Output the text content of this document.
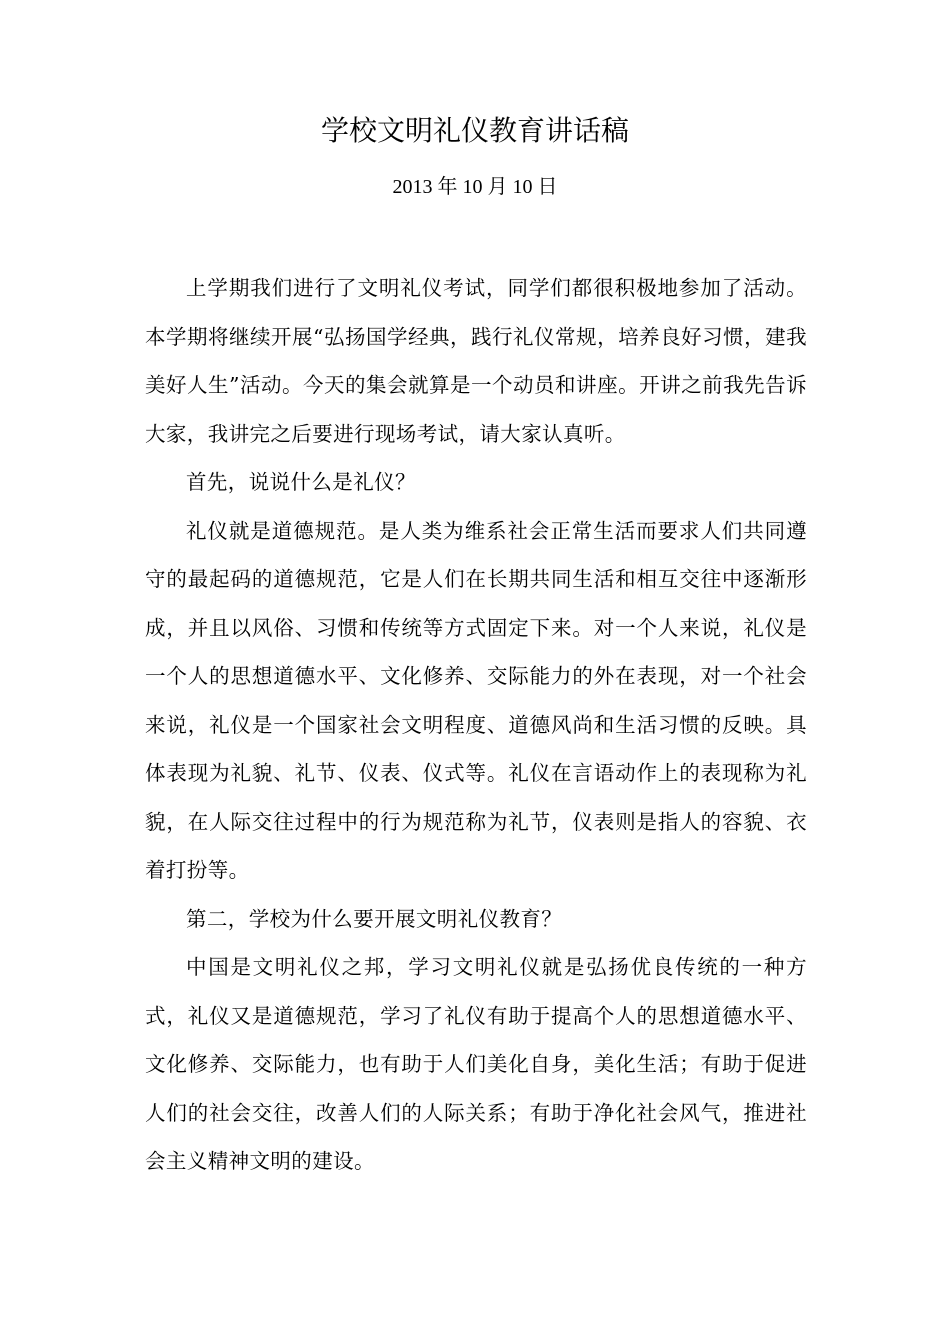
学校文明礼仪教育讲话稿
2013 年 10 月 10 日

上学期我们进行了文明礼仪考试，同学们都很积极地参加了活动。本学期将继续开展“弘扬国学经典，践行礼仪常规，培养良好习惯，建我美好人生”活动。今天的集会就算是一个动员和讲座。开讲之前我先告诉大家，我讲完之后要进行现场考试，请大家认真听。

首先，说说什么是礼仪？

礼仪就是道德规范。是人类为维系社会正常生活而要求人们共同遵守的最起码的道德规范，它是人们在长期共同生活和相互交往中逐渐形成，并且以风俗、习惯和传统等方式固定下来。对一个人来说，礼仪是一个人的思想道德水平、文化修养、交际能力的外在表现，对一个社会来说，礼仪是一个国家社会文明程度、道德风尚和生活习惯的反映。具体表现为礼貌、礼节、仪表、仪式等。礼仪在言语动作上的表现称为礼貌，在人际交往过程中的行为规范称为礼节，仪表则是指人的容貌、衣着打扮等。

第二，学校为什么要开展文明礼仪教育？

中国是文明礼仪之邦，学习文明礼仪就是弘扬优良传统的一种方式，礼仪又是道德规范，学习了礼仪有助于提高个人的思想道德水平、文化修养、交际能力，也有助于人们美化自身，美化生活；有助于促进人们的社会交往，改善人们的人际关系；有助于净化社会风气，推进社会主义精神文明的建设。
